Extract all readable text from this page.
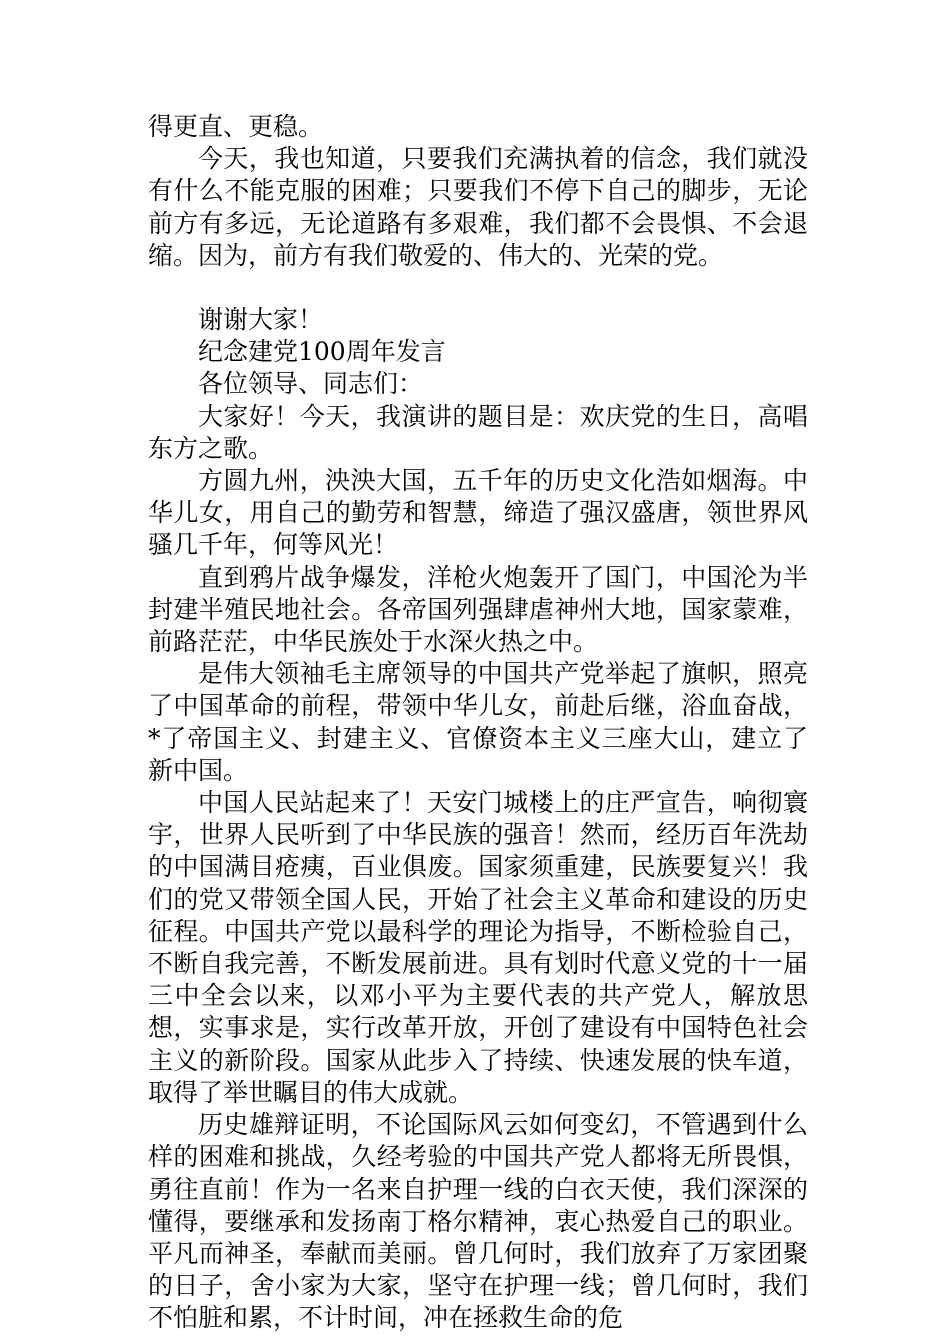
得更直、更稳。

今天，我也知道，只要我们充满执着的信念，我们就没有什么不能克服的困难；只要我们不停下自己的脚步，无论前方有多远，无论道路有多艰难，我们都不会畏惧、不会退缩。因为，前方有我们敬爱的、伟大的、光荣的党。

谢谢大家！

纪念建党100周年发言

各位领导、同志们：

大家好！今天，我演讲的题目是：欢庆党的生日，高唱东方之歌。

方圆九州，泱泱大国，五千年的历史文化浩如烟海。中华儿女，用自己的勤劳和智慧，缔造了强汉盛唐，领世界风骚几千年，何等风光！

直到鸦片战争爆发，洋枪火炮轰开了国门，中国沦为半封建半殖民地社会。各帝国列强肆虐神州大地，国家蒙难，前路茫茫，中华民族处于水深火热之中。

是伟大领袖毛主席领导的中国共产党举起了旗帜，照亮了中国革命的前程，带领中华儿女，前赴后继，浴血奋战，*了帝国主义、封建主义、官僚资本主义三座大山，建立了新中国。

中国人民站起来了！天安门城楼上的庄严宣告，响彻寰宇，世界人民听到了中华民族的强音！然而，经历百年洗劫的中国满目疮痍，百业俱废。国家须重建，民族要复兴！我们的党又带领全国人民，开始了社会主义革命和建设的历史征程。中国共产党以最科学的理论为指导，不断检验自己，不断自我完善，不断发展前进。具有划时代意义党的十一届三中全会以来，以邓小平为主要代表的共产党人，解放思想，实事求是，实行改革开放，开创了建设有中国特色社会主义的新阶段。国家从此步入了持续、快速发展的快车道，取得了举世瞩目的伟大成就。

历史雄辩证明，不论国际风云如何变幻，不管遇到什么样的困难和挑战，久经考验的中国共产党人都将无所畏惧，勇往直前！作为一名来自护理一线的白衣天使，我们深深的懂得，要继承和发扬南丁格尔精神，衷心热爱自己的职业。平凡而神圣，奉献而美丽。曾几何时，我们放弃了万家团聚的日子，舍小家为大家，坚守在护理一线；曾几何时，我们不怕脏和累，不计时间，冲在拯救生命的危
